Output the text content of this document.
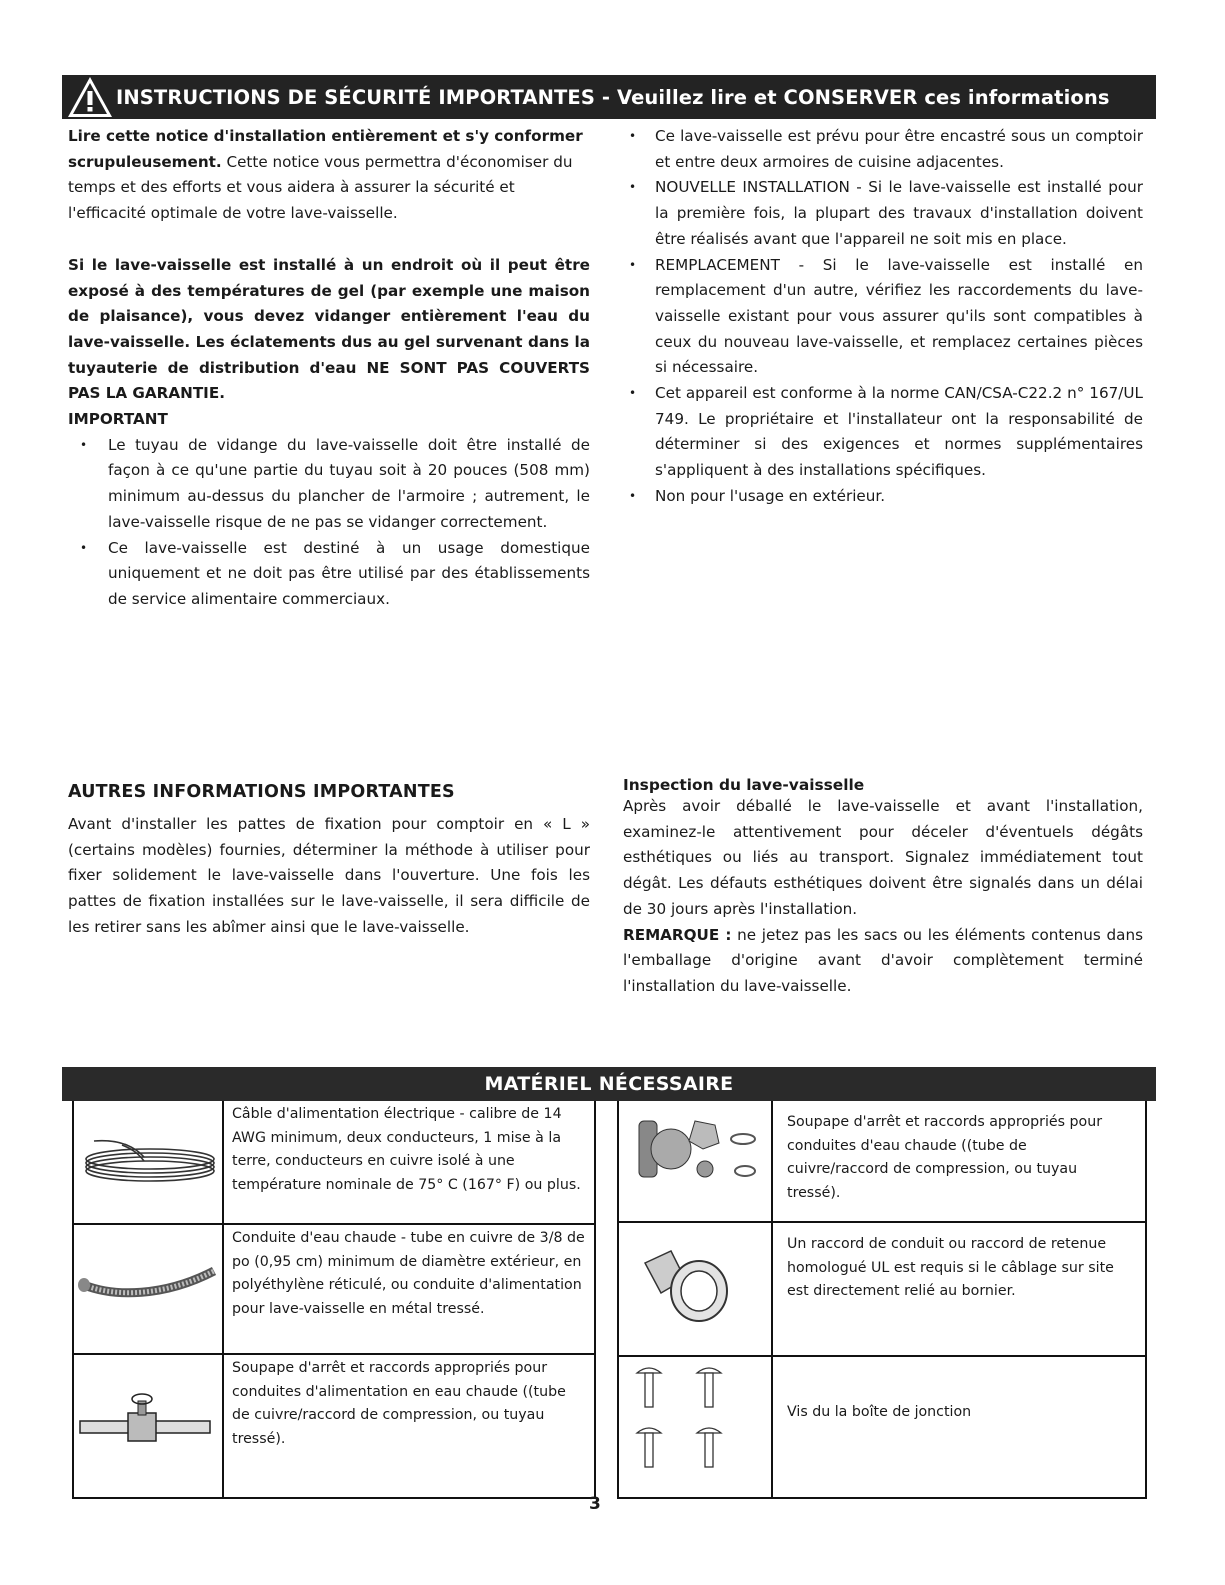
INSTRUCTIONS DE SÉCURITÉ IMPORTANTES - Veuillez lire et CONSERVER ces informations

Lire cette notice d'installation entièrement et s'y conformer scrupuleusement. Cette notice vous permettra d'économiser du temps et des efforts et vous aidera à assurer la sécurité et l'efficacité optimale de votre lave-vaisselle.

Si le lave-vaisselle est installé à un endroit où il peut être exposé à des températures de gel (par exemple une maison de plaisance), vous devez vidanger entièrement l'eau du lave-vaisselle. Les éclatements dus au gel survenant dans la tuyauterie de distribution d'eau NE SONT PAS COUVERTS PAS LA GARANTIE.

IMPORTANT

• Le tuyau de vidange du lave-vaisselle doit être installé de façon à ce qu'une partie du tuyau soit à 20 pouces (508 mm) minimum au-dessus du plancher de l'armoire ; autrement, le lave-vaisselle risque de ne pas se vidanger correctement.
• Ce lave-vaisselle est destiné à un usage domestique uniquement et ne doit pas être utilisé par des établissements de service alimentaire commerciaux.
• Ce lave-vaisselle est prévu pour être encastré sous un comptoir et entre deux armoires de cuisine adjacentes.
• NOUVELLE INSTALLATION - Si le lave-vaisselle est installé pour la première fois, la plupart des travaux d'installation doivent être réalisés avant que l'appareil ne soit mis en place.
• REMPLACEMENT - Si le lave-vaisselle est installé en remplacement d'un autre, vérifiez les raccordements du lave-vaisselle existant pour vous assurer qu'ils sont compatibles à ceux du nouveau lave-vaisselle, et remplacez certaines pièces si nécessaire.
• Cet appareil est conforme à la norme CAN/CSA-C22.2 n° 167/UL 749. Le propriétaire et l'installateur ont la responsabilité de déterminer si des exigences et normes supplémentaires s'appliquent à des installations spécifiques.
• Non pour l'usage en extérieur.

AUTRES INFORMATIONS IMPORTANTES

Avant d'installer les pattes de fixation pour comptoir en « L » (certains modèles) fournies, déterminer la méthode à utiliser pour fixer solidement le lave-vaisselle dans l'ouverture. Une fois les pattes de fixation installées sur le lave-vaisselle, il sera difficile de les retirer sans les abîmer ainsi que le lave-vaisselle.

Inspection du lave-vaisselle

Après avoir déballé le lave-vaisselle et avant l'installation, examinez-le attentivement pour déceler d'éventuels dégâts esthétiques ou liés au transport. Signalez immédiatement tout dégât. Les défauts esthétiques doivent être signalés dans un délai de 30 jours après l'installation.

REMARQUE : ne jetez pas les sacs ou les éléments contenus dans l'emballage d'origine avant d'avoir complètement terminé l'installation du lave-vaisselle.

MATÉRIEL NÉCESSAIRE
Câble d'alimentation électrique - calibre de 14 AWG minimum, deux conducteurs, 1 mise à la terre, conducteurs en cuivre isolé à une température nominale de 75° C (167° F) ou plus.
Conduite d'eau chaude - tube en cuivre de 3/8 de po (0,95 cm) minimum de diamètre extérieur, en polyéthylène réticulé, ou conduite d'alimentation pour lave-vaisselle en métal tressé.
Soupape d'arrêt et raccords appropriés pour conduites d'alimentation en eau chaude ((tube de cuivre/raccord de compression, ou tuyau tressé).
Soupape d'arrêt et raccords appropriés pour conduites d'eau chaude ((tube de cuivre/raccord de compression, ou tuyau tressé).
Un raccord de conduit ou raccord de retenue homologué UL est requis si le câblage sur site est directement relié au bornier.
Vis du la boîte de jonction
3
